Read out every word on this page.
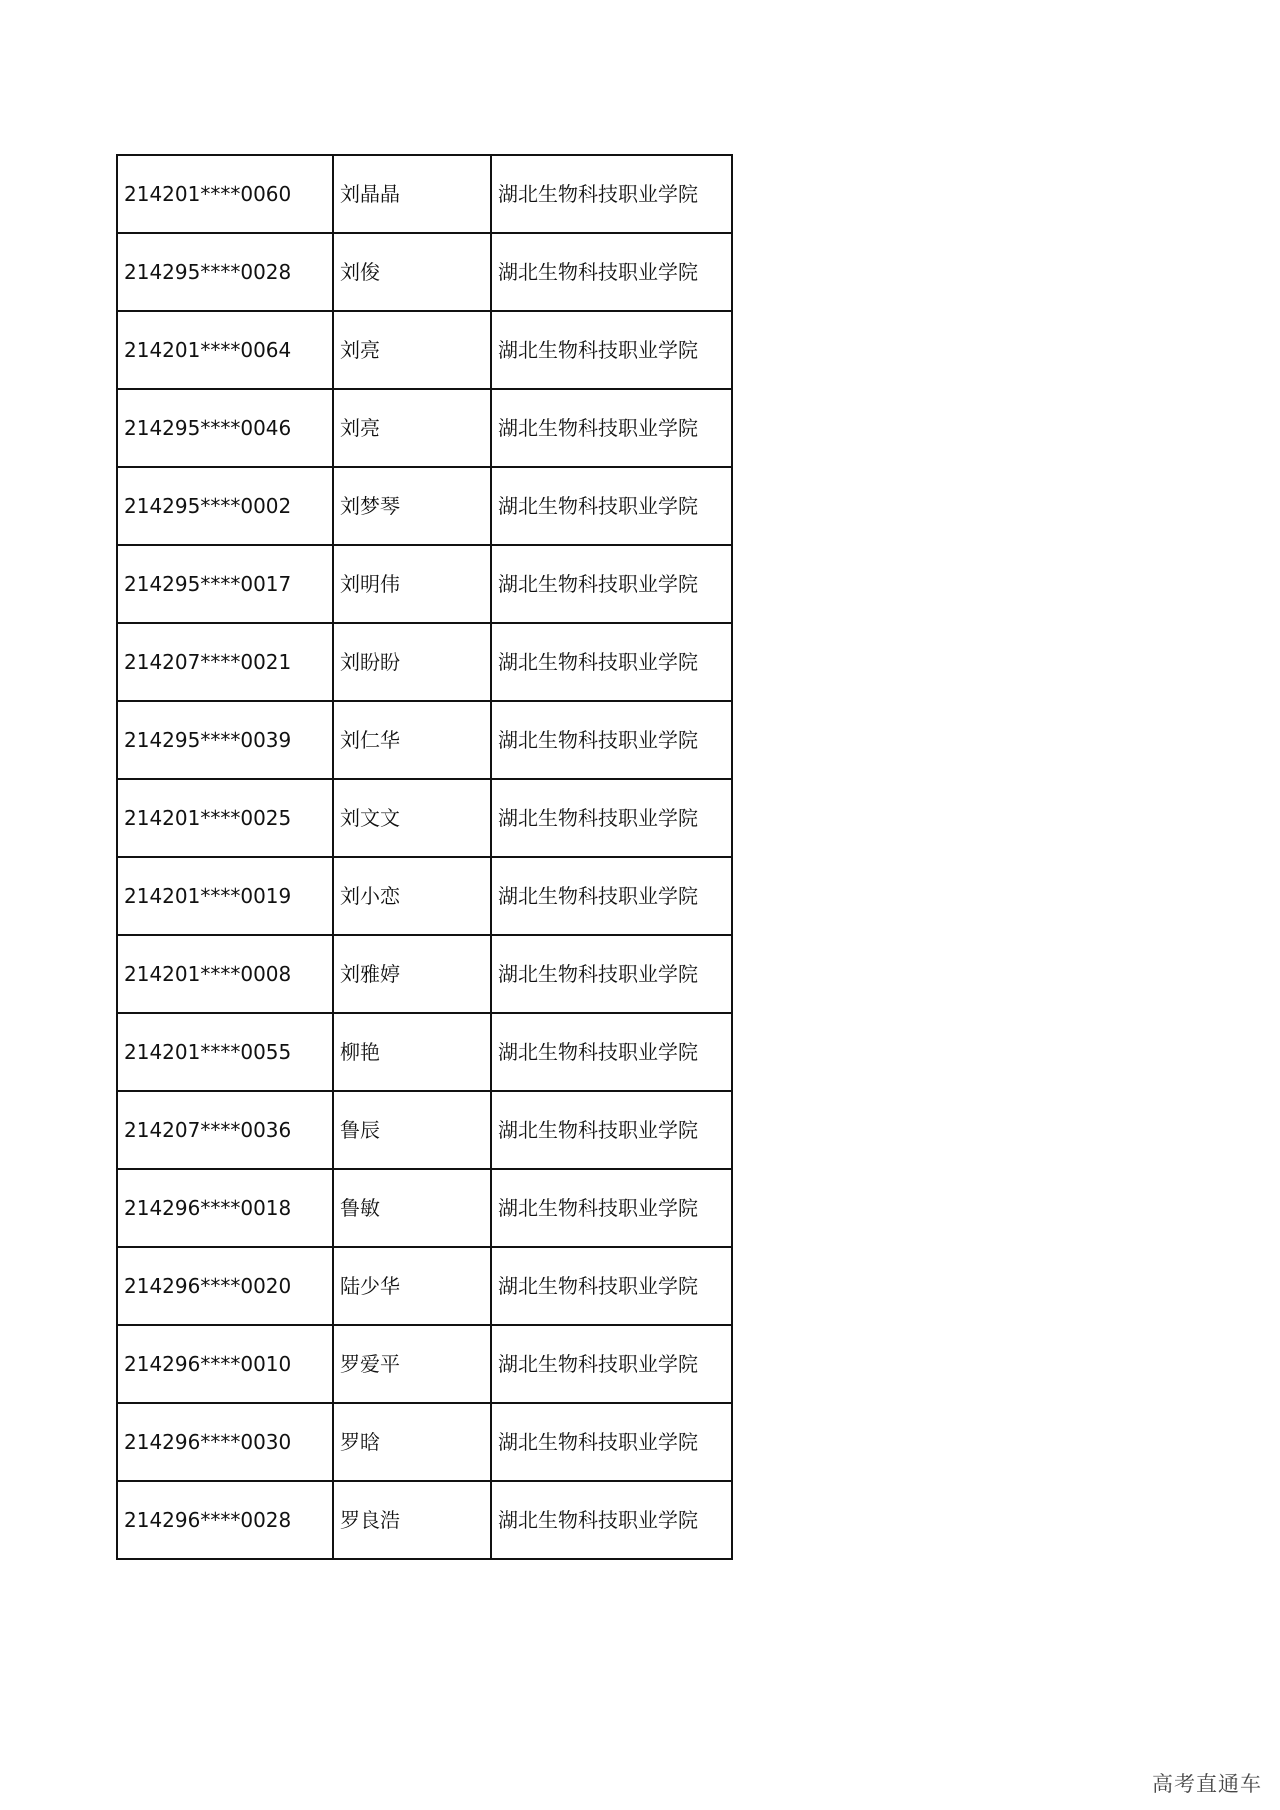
214201****0060	刘晶晶	湖北生物科技职业学院
214295****0028	刘俊	湖北生物科技职业学院
214201****0064	刘亮	湖北生物科技职业学院
214295****0046	刘亮	湖北生物科技职业学院
214295****0002	刘梦琴	湖北生物科技职业学院
214295****0017	刘明伟	湖北生物科技职业学院
214207****0021	刘盼盼	湖北生物科技职业学院
214295****0039	刘仁华	湖北生物科技职业学院
214201****0025	刘文文	湖北生物科技职业学院
214201****0019	刘小恋	湖北生物科技职业学院
214201****0008	刘雅婷	湖北生物科技职业学院
214201****0055	柳艳	湖北生物科技职业学院
214207****0036	鲁辰	湖北生物科技职业学院
214296****0018	鲁敏	湖北生物科技职业学院
214296****0020	陆少华	湖北生物科技职业学院
214296****0010	罗爱平	湖北生物科技职业学院
214296****0030	罗晗	湖北生物科技职业学院
214296****0028	罗良浩	湖北生物科技职业学院
高考直通车
